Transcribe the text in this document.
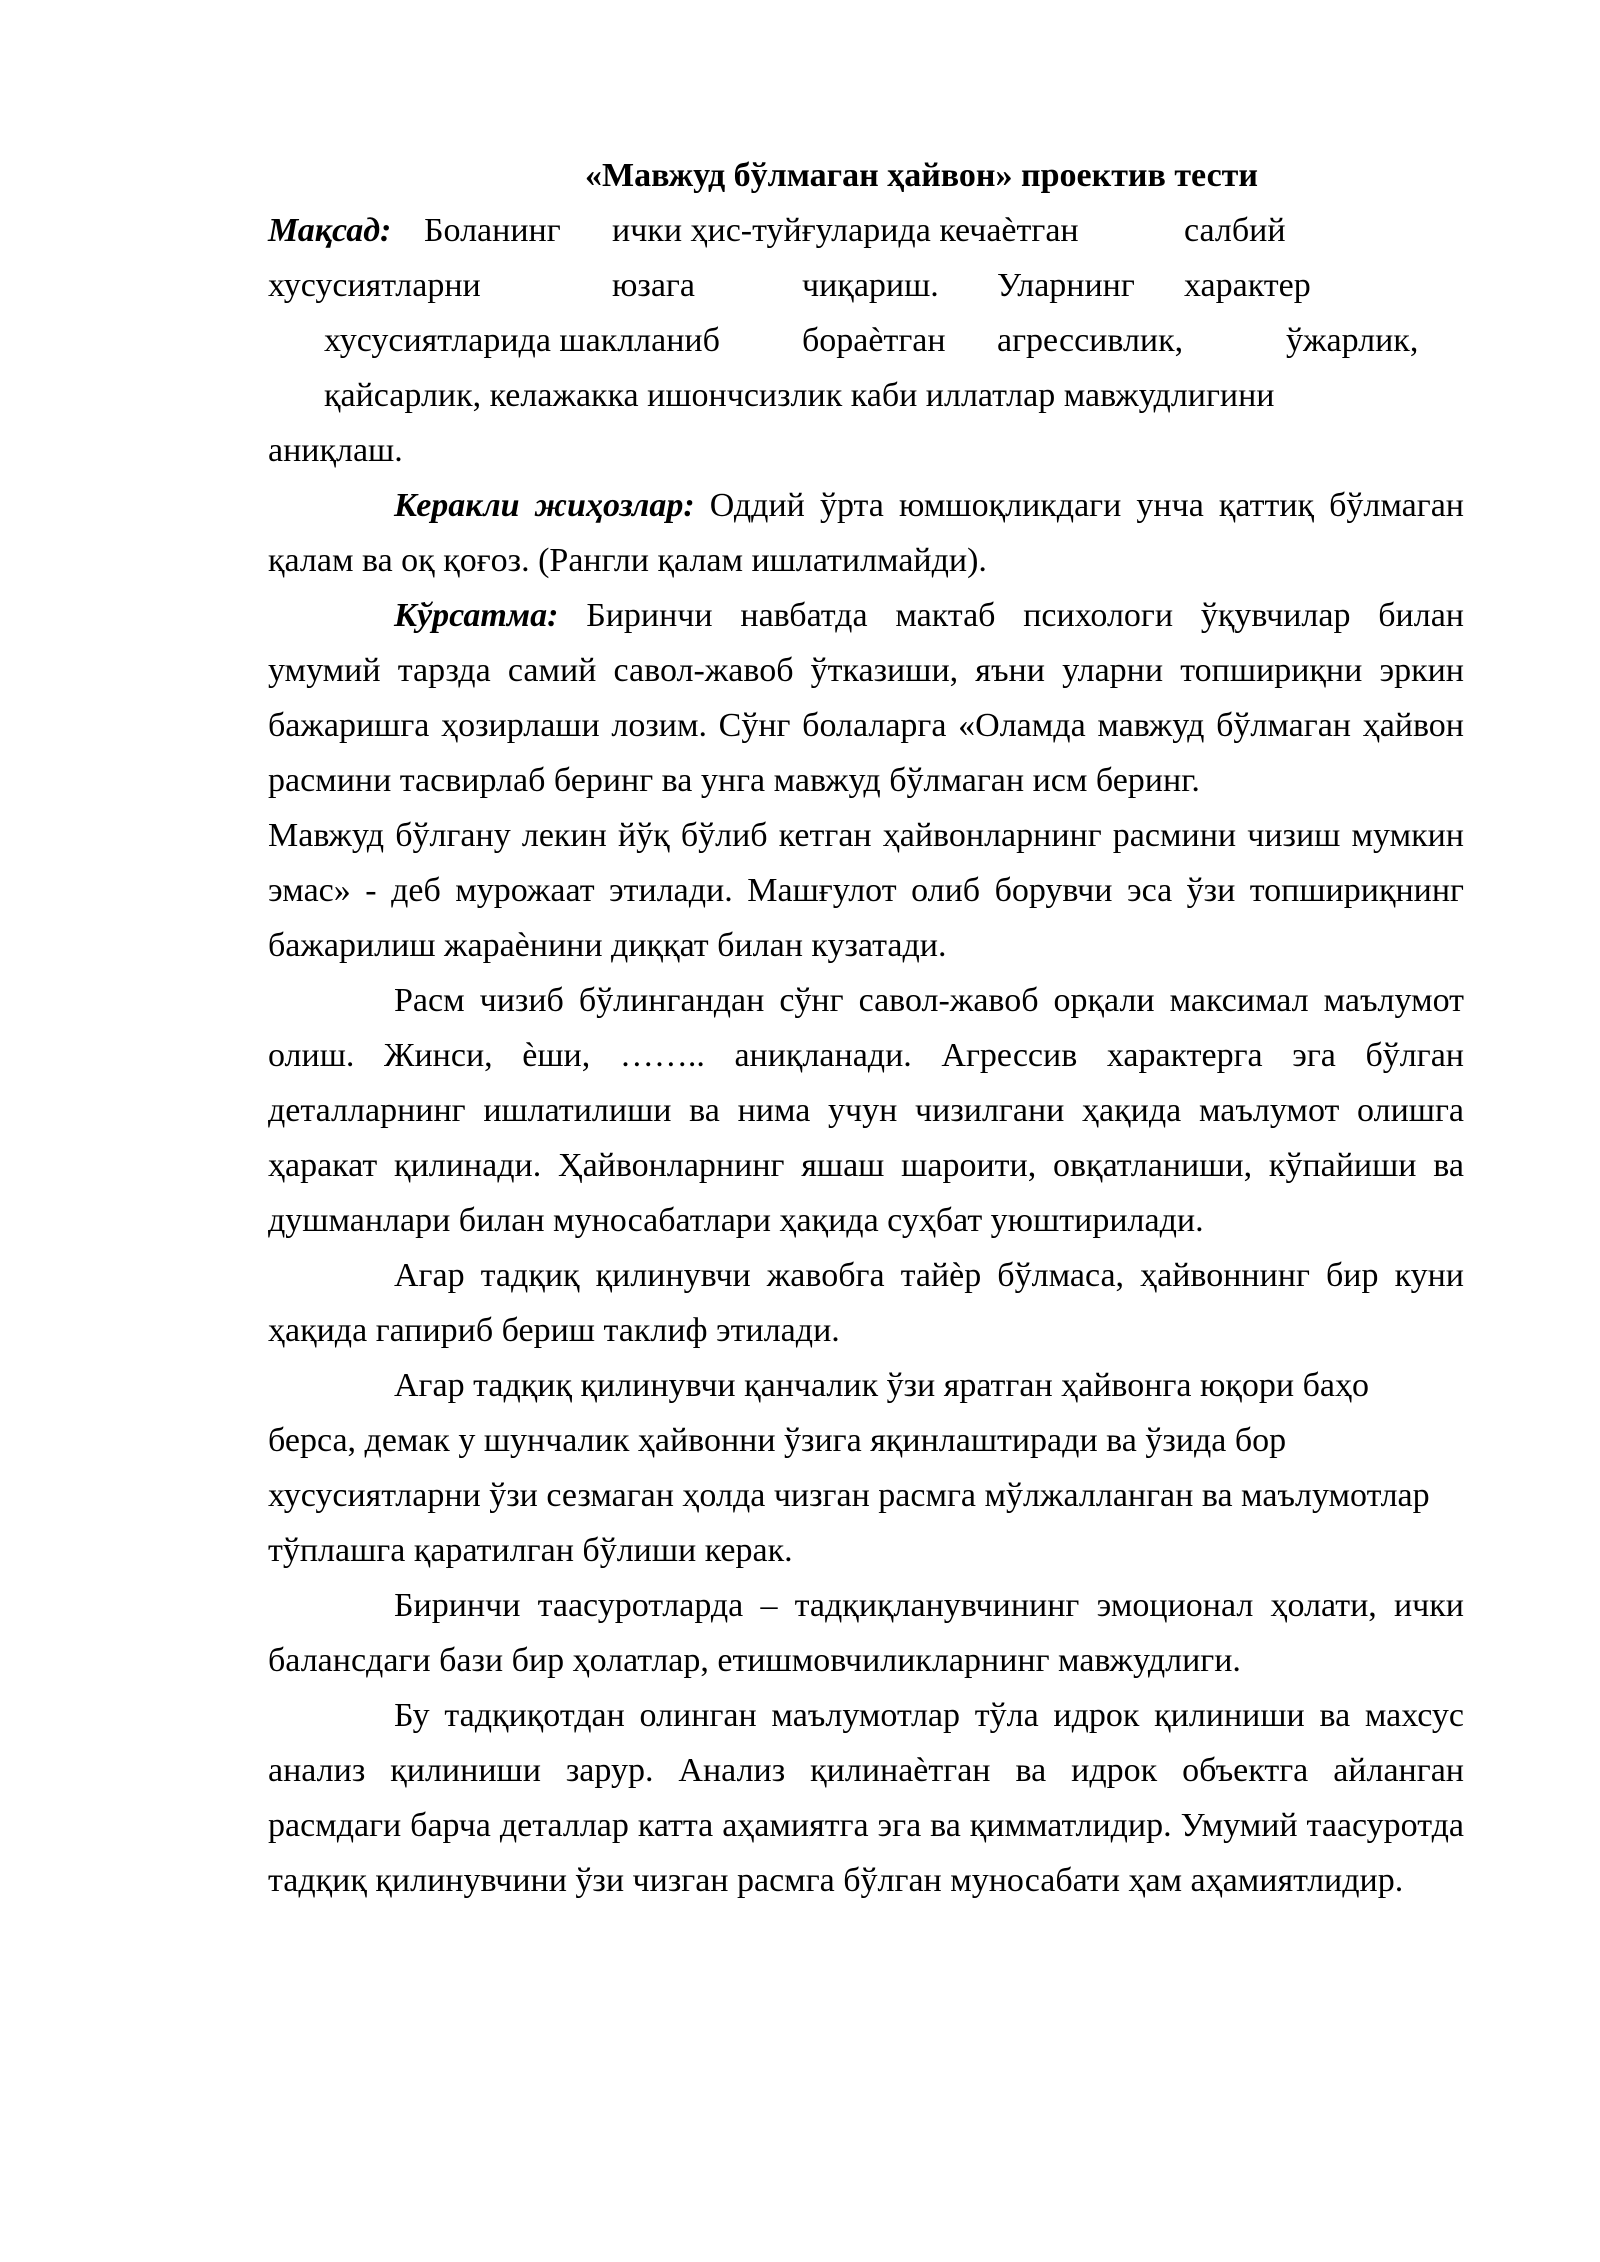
«Мавжуд бўлмаган ҳайвон» проектив тести
Мақсад: Боланинг ички ҳис-туйғуларида кечаѐтган	салбий
хусусиятларни	юзага	чиқариш. Уларнинг характер
хусусиятларида шаклланиб бораѐтган агрессивлик,	ўжарлик,
қайсарлик, келажакка ишончсизлик каби иллатлар мавжудлигини
аниқлаш.

Керакли жиҳозлар: Оддий ўрта юмшоқликдаги унча қаттиқ бўлмаган қалам ва оқ қоғоз. (Рангли қалам ишлатилмайди).

Кўрсатма: Биринчи навбатда мактаб психологи ўқувчилар билан умумий тарзда самий савол-жавоб ўтказиши, яъни уларни топшириқни эркин бажаришга ҳозирлаши лозим. Сўнг болаларга «Оламда мавжуд бўлмаган ҳайвон расмини тасвирлаб беринг ва унга мавжуд бўлмаган исм беринг.

Мавжуд бўлгану лекин йўқ бўлиб кетган ҳайвонларнинг расмини чизиш мумкин эмас» - деб мурожаат этилади. Машғулот олиб борувчи эса ўзи топшириқнинг бажарилиш жараѐнини диққат билан кузатади.

Расм чизиб бўлингандан сўнг савол-жавоб орқали максимал маълумот олиш. Жинси, ѐши, …….. аниқланади. Агрессив характерга эга бўлган деталларнинг ишлатилиши ва нима учун чизилгани ҳақида маълумот олишга ҳаракат қилинади. Ҳайвонларнинг яшаш шароити, овқатланиши, кўпайиши ва душманлари билан муносабатлари ҳақида суҳбат уюштирилади.

Агар тадқиқ қилинувчи жавобга тайѐр бўлмаса, ҳайвоннинг бир куни ҳақида гапириб бериш таклиф этилади.

Агар тадқиқ қилинувчи қанчалик ўзи яратган ҳайвонга юқори баҳо берса, демак у шунчалик ҳайвонни ўзига яқинлаштиради ва ўзида бор хусусиятларни ўзи сезмаган ҳолда чизган расмга мўлжалланган ва маълумотлар тўплашга қаратилган бўлиши керак.

Биринчи таасуротларда – тадқиқланувчининг эмоционал ҳолати, ички балансдаги бази бир ҳолатлар, етишмовчиликларнинг мавжудлиги.

Бу тадқиқотдан олинган маълумотлар тўла идрок қилиниши ва махсус анализ қилиниши зарур. Анализ қилинаѐтган ва идрок объектга айланган расмдаги барча деталлар катта аҳамиятга эга ва қимматлидир. Умумий таасуротда тадқиқ қилинувчини ўзи чизган расмга бўлган муносабати ҳам аҳамиятлидир.
